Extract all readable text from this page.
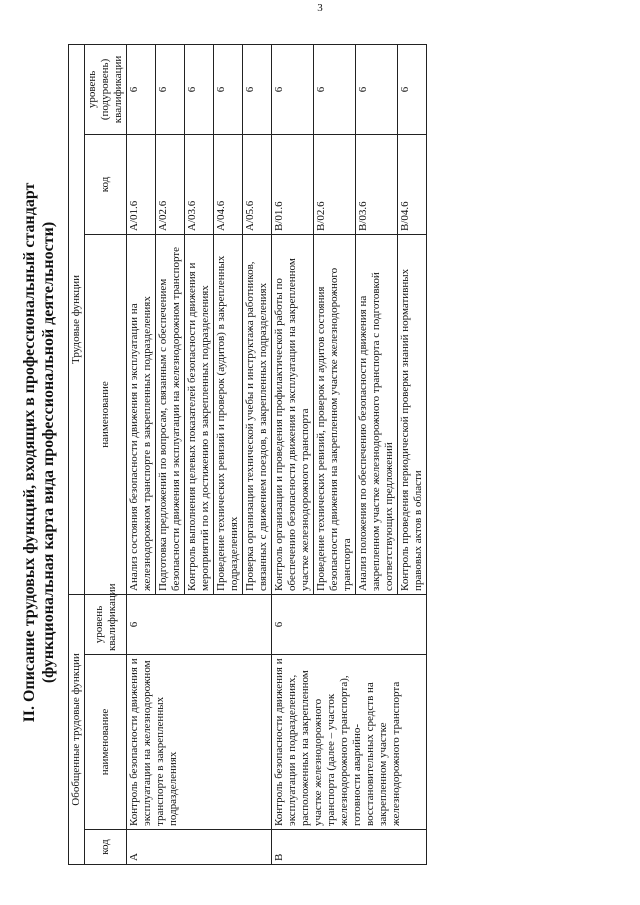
3
II. Описание трудовых функций, входящих в профессиональный стандарт (функциональная карта вида профессиональной деятельности)
Обобщенные трудовые функции			Трудовые функции		
код	наименование	уровень квалификации	наименование	код	уровень (подуровень) квалификации
A	Контроль безопасности движения и эксплуатации на железнодорожном транспорте в закрепленных подразделениях	6	Анализ состояния безопасности движения и эксплуатации на железнодорожном транспорте в закрепленных подразделениях	A/01.6	6
			Подготовка предложений по вопросам, связанным с обеспечением безопасности движения и эксплуатации на железнодорожном транспорте	A/02.6	6
			Контроль выполнения целевых показателей безопасности движения и мероприятий по их достижению в закрепленных подразделениях	A/03.6	6
			Проведение технических ревизий и проверок (аудитов) в закрепленных подразделениях	A/04.6	6
			Проверка организации технической учебы и инструктажа работников, связанных с движением поездов, в закрепленных подразделениях	A/05.6	6
B	Контроль безопасности движения и эксплуатации в подразделениях, расположенных на закрепленном участке железнодорожного транспорта (далее – участок железнодорожного транспорта), готовности аварийно-восстановительных средств на закрепленном участке железнодорожного транспорта	6	Контроль организации и проведения профилактической работы по обеспечению безопасности движения и эксплуатации на закрепленном участке железнодорожного транспорта	B/01.6	6
			Проведение технических ревизий, проверок и аудитов состояния безопасности движения на закрепленном участке железнодорожного транспорта	B/02.6	6
			Анализ положения по обеспечению безопасности движения на закрепленном участке железнодорожного транспорта с подготовкой соответствующих предложений	B/03.6	6
			Контроль проведения периодической проверки знаний нормативных правовых актов в области	B/04.6	6
